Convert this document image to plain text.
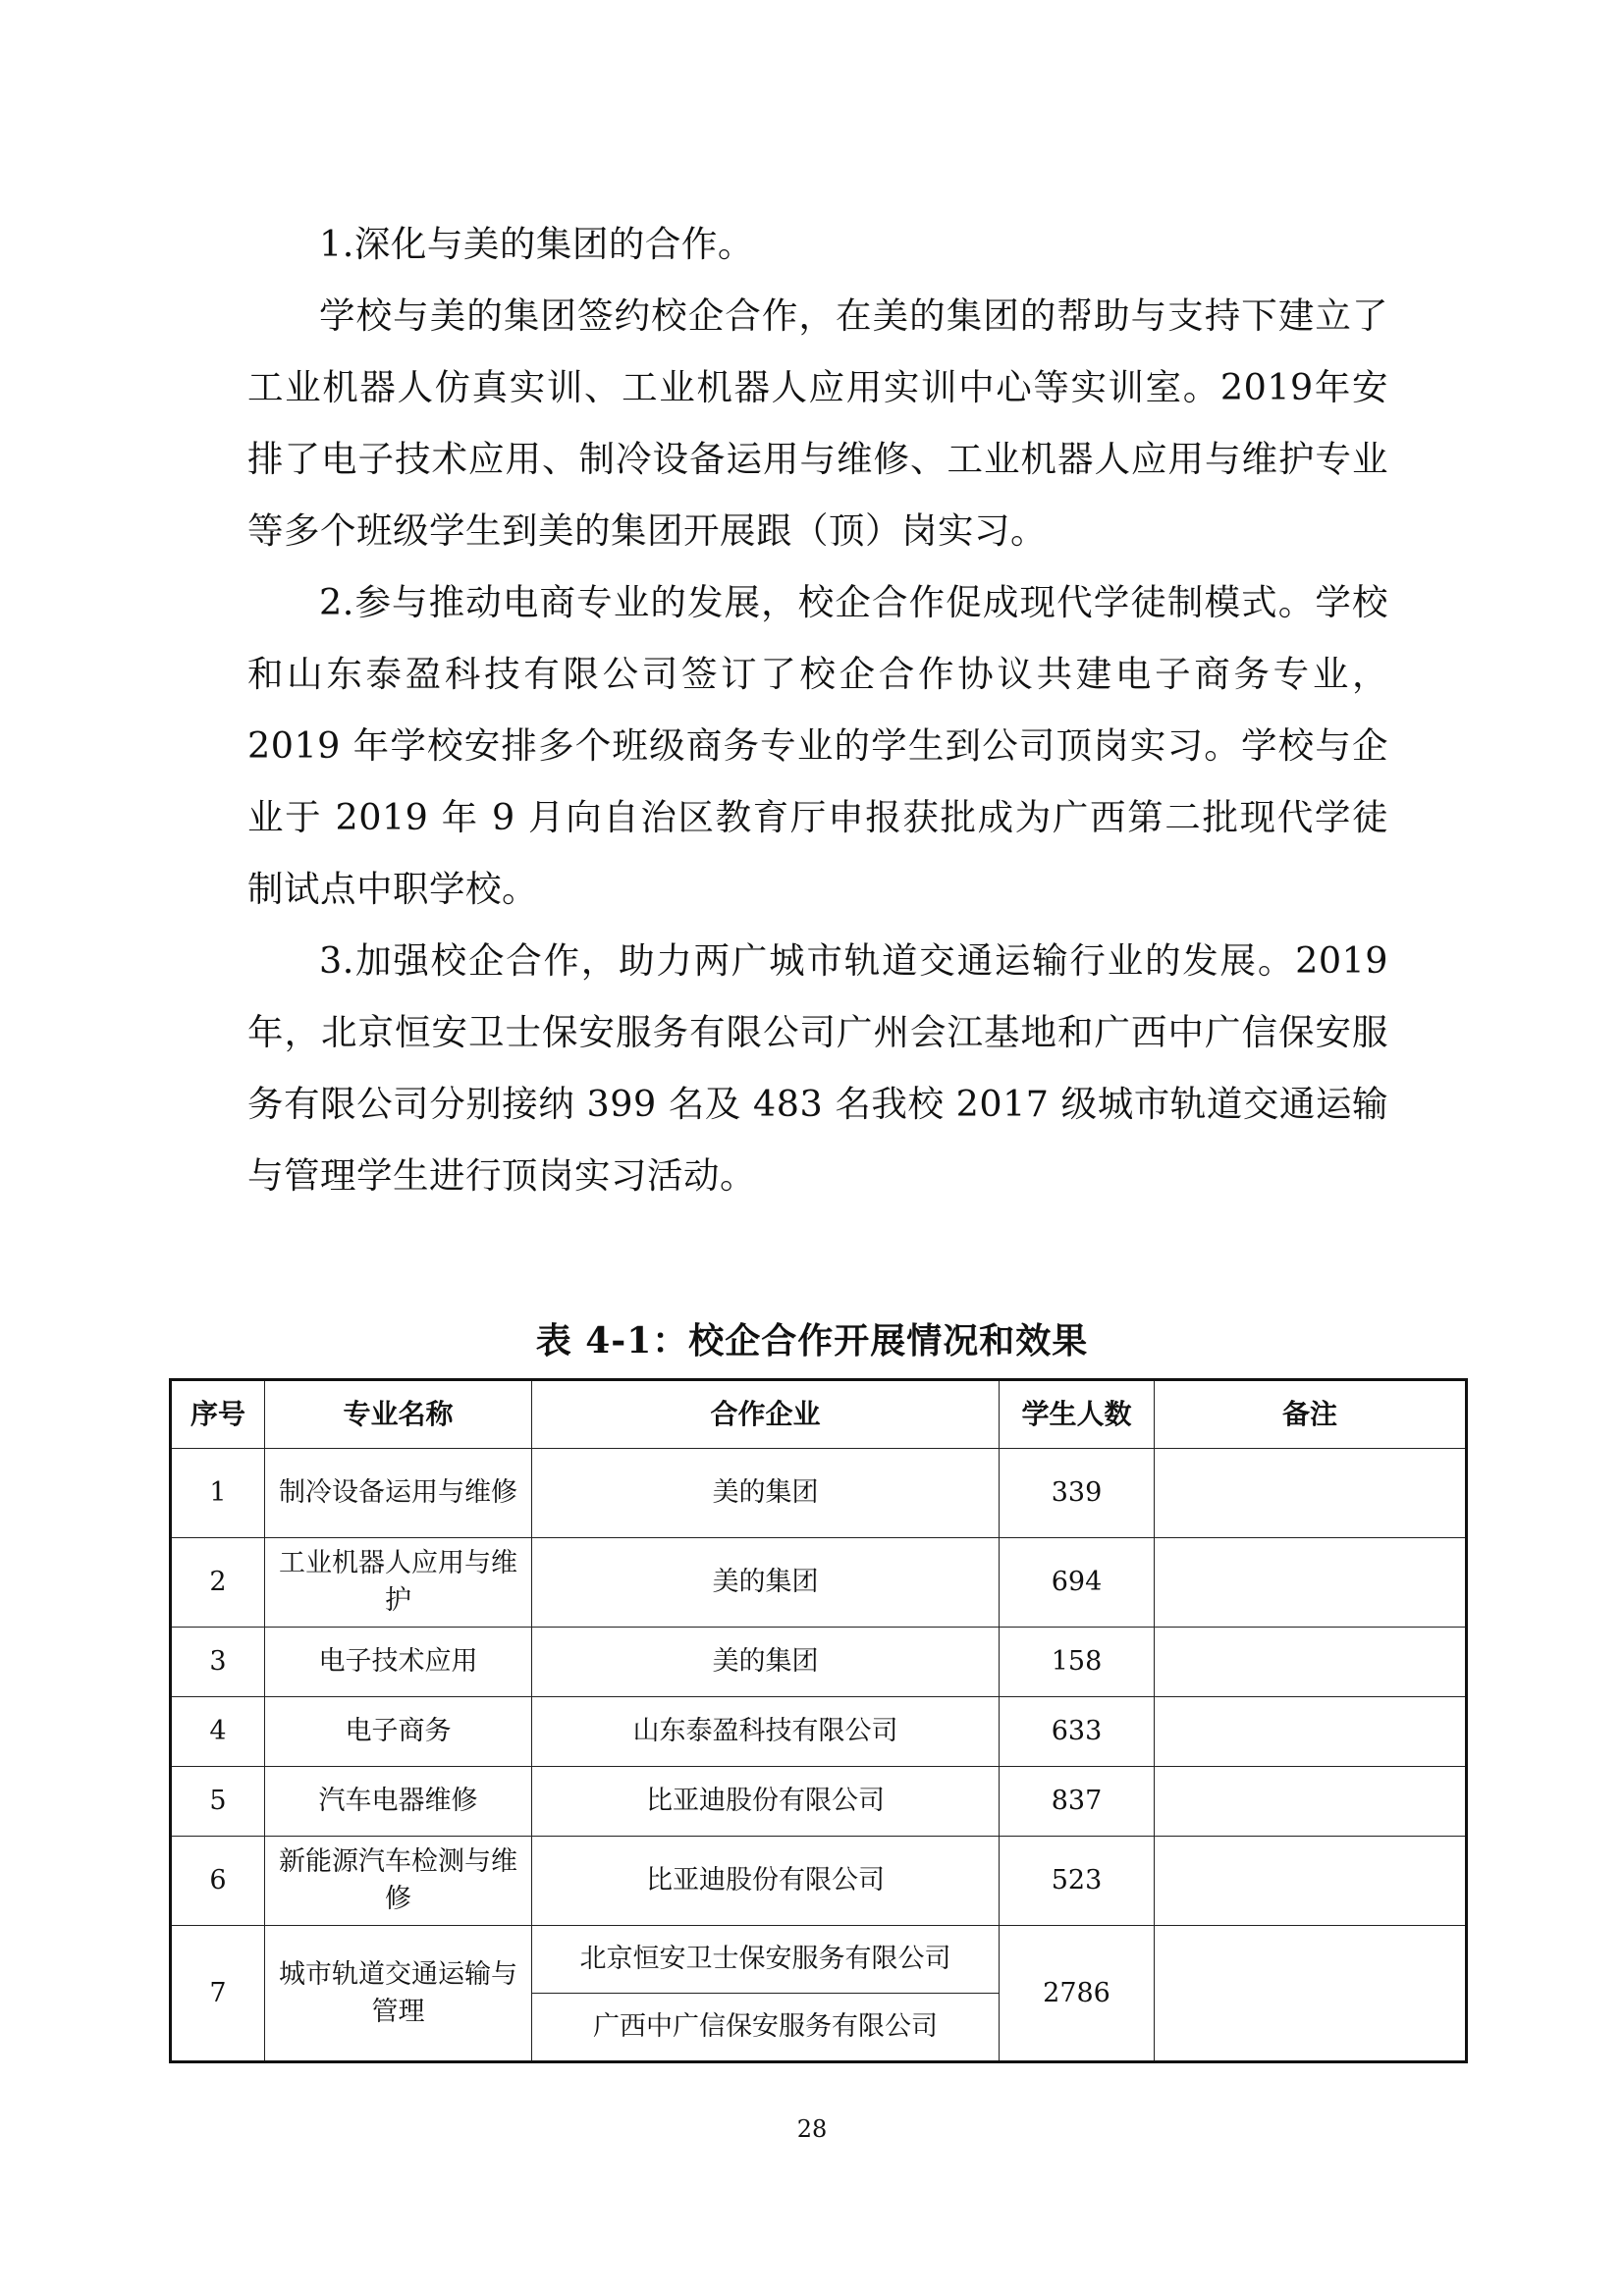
1.深化与美的集团的合作。

学校与美的集团签约校企合作，在美的集团的帮助与支持下建立了工业机器人仿真实训、工业机器人应用实训中心等实训室。2019年安排了电子技术应用、制冷设备运用与维修、工业机器人应用与维护专业等多个班级学生到美的集团开展跟（顶）岗实习。

2.参与推动电商专业的发展，校企合作促成现代学徒制模式。学校和山东泰盈科技有限公司签订了校企合作协议共建电子商务专业，2019 年学校安排多个班级商务专业的学生到公司顶岗实习。学校与企业于 2019 年 9 月向自治区教育厅申报获批成为广西第二批现代学徒制试点中职学校。

3.加强校企合作，助力两广城市轨道交通运输行业的发展。2019年，北京恒安卫士保安服务有限公司广州会江基地和广西中广信保安服务有限公司分别接纳 399 名及 483 名我校 2017 级城市轨道交通运输与管理学生进行顶岗实习活动。

表 4-1：校企合作开展情况和效果
序号	专业名称	合作企业	学生人数	备注
1	制冷设备运用与维修	美的集团	339	
2	工业机器人应用与维护	美的集团	694	
3	电子技术应用	美的集团	158	
4	电子商务	山东泰盈科技有限公司	633	
5	汽车电器维修	比亚迪股份有限公司	837	
6	新能源汽车检测与维修	比亚迪股份有限公司	523	
7	城市轨道交通运输与管理	北京恒安卫士保安服务有限公司	2786	
		广西中广信保安服务有限公司		
28
